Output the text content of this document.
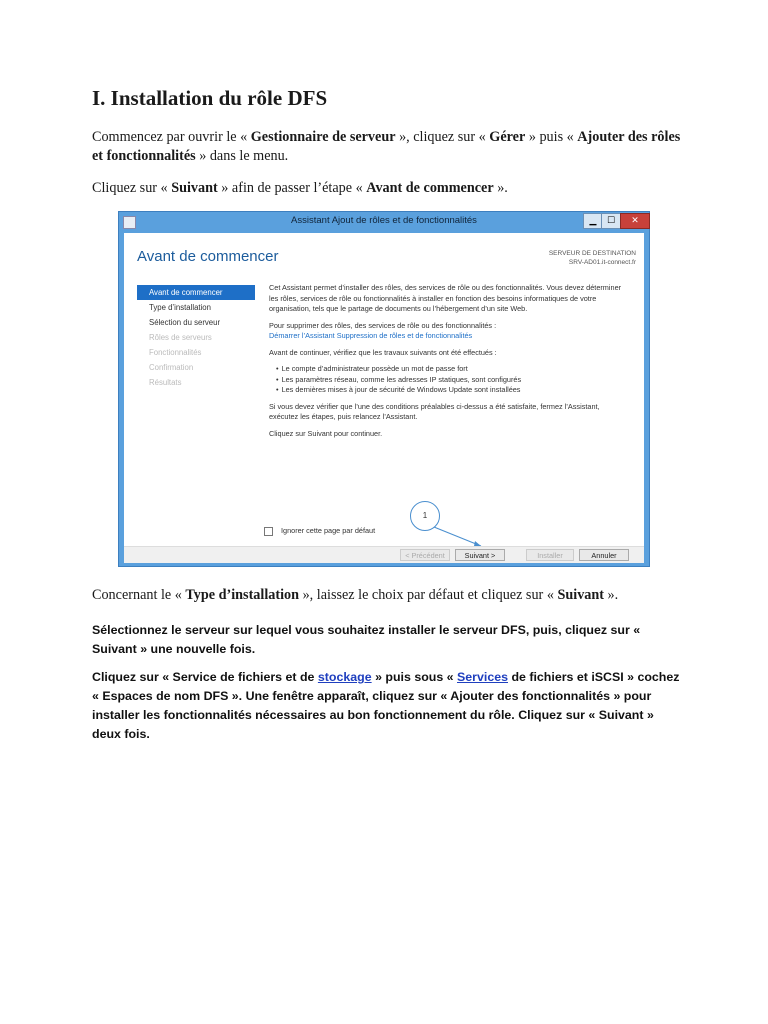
I. Installation du rôle DFS

Commencez par ouvrir le « Gestionnaire de serveur », cliquez sur « Gérer » puis « Ajouter des rôles et fonctionnalités » dans le menu.

Cliquez sur « Suivant » afin de passer l’étape « Avant de commencer ».

Assistant Ajout de rôles et de fonctionnalités	▁	☐	✕
Avant de commencer	SERVEUR DE DESTINATION
SRV-AD01.it-connect.fr
Avant de commencer
Type d’installation
Sélection du serveur
Rôles de serveurs
Fonctionnalités
Confirmation
Résultats

Cet Assistant permet d’installer des rôles, des services de rôle ou des fonctionnalités. Vous devez déterminer les rôles, services de rôle ou fonctionnalités à installer en fonction des besoins informatiques de votre organisation, tels que le partage de documents ou l’hébergement d’un site Web.

Pour supprimer des rôles, des services de rôle ou des fonctionnalités :
Démarrer l’Assistant Suppression de rôles et de fonctionnalités

Avant de continuer, vérifiez que les travaux suivants ont été effectués :

• Le compte d’administrateur possède un mot de passe fort
• Les paramètres réseau, comme les adresses IP statiques, sont configurés
• Les dernières mises à jour de sécurité de Windows Update sont installées

Si vous devez vérifier que l’une des conditions préalables ci-dessus a été satisfaite, fermez l’Assistant, exécutez les étapes, puis relancez l’Assistant.

Cliquez sur Suivant pour continuer.

1
Ignorer cette page par défaut
< Précédent	Suivant >	Installer	Annuler

Concernant le « Type d’installation », laissez le choix par défaut et cliquez sur « Suivant ».

Sélectionnez le serveur sur lequel vous souhaitez installer le serveur DFS, puis, cliquez sur « Suivant » une nouvelle fois.

Cliquez sur « Service de fichiers et de stockage » puis sous « Services de fichiers et iSCSI » cochez « Espaces de nom DFS ». Une fenêtre apparaît, cliquez sur « Ajouter des fonctionnalités » pour installer les fonctionnalités nécessaires au bon fonctionnement du rôle. Cliquez sur « Suivant » deux fois.
